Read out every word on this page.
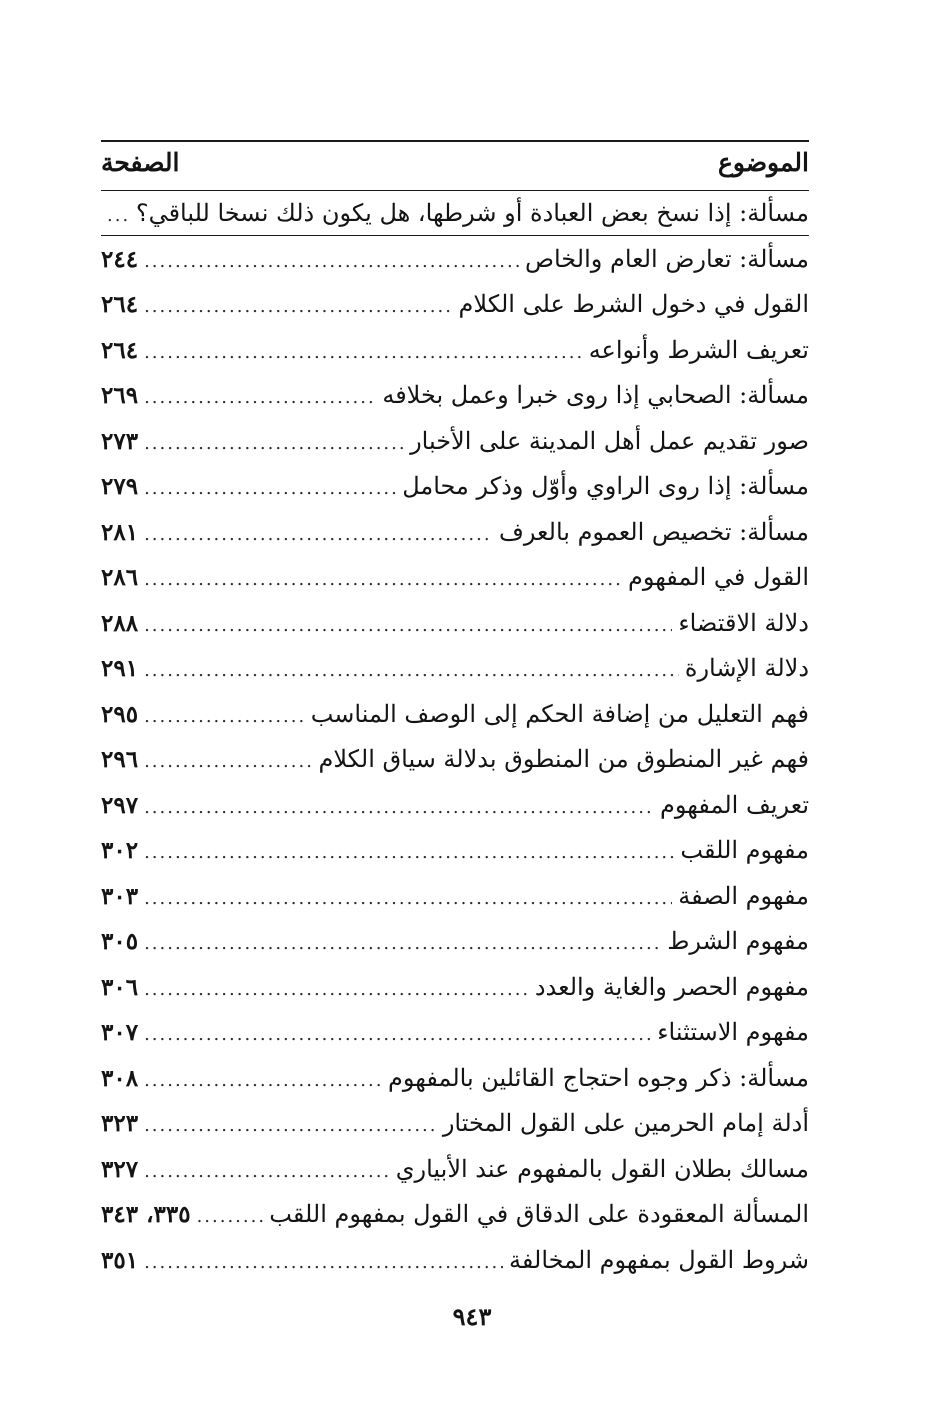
الموضوع
الصفحة
مسألة: إذا نسخ بعض العبادة أو شرطها، هل يكون ذلك نسخا للباقي؟
.....
مسألة: تعارض العام والخاص
.....
٢٤٤
القول في دخول الشرط على الكلام
.....
٢٦٤
تعريف الشرط وأنواعه
.....
٢٦٤
مسألة: الصحابي إذا روى خبرا وعمل بخلافه
.....
٢٦٩
صور تقديم عمل أهل المدينة على الأخبار
.....
٢٧٣
مسألة: إذا روى الراوي وأوّل وذكر محامل
.....
٢٧٩
مسألة: تخصيص العموم بالعرف
.....
٢٨١
القول في المفهوم
.....
٢٨٦
دلالة الاقتضاء
.....
٢٨٨
دلالة الإشارة
.....
٢٩١
فهم التعليل من إضافة الحكم إلى الوصف المناسب
.....
٢٩٥
فهم غير المنطوق من المنطوق بدلالة سياق الكلام
.....
٢٩٦
تعريف المفهوم
.....
٢٩٧
مفهوم اللقب
.....
٣٠٢
مفهوم الصفة
.....
٣٠٣
مفهوم الشرط
.....
٣٠٥
مفهوم الحصر والغاية والعدد
.....
٣٠٦
مفهوم الاستثناء
.....
٣٠٧
مسألة: ذكر وجوه احتجاج القائلين بالمفهوم
.....
٣٠٨
أدلة إمام الحرمين على القول المختار
.....
٣٢٣
مسالك بطلان القول بالمفهوم عند الأبياري
.....
٣٢٧
المسألة المعقودة على الدقاق في القول بمفهوم اللقب
.....
٣٣٥، ٣٤٣
شروط القول بمفهوم المخالفة
.....
٣٥١
٩٤٣
